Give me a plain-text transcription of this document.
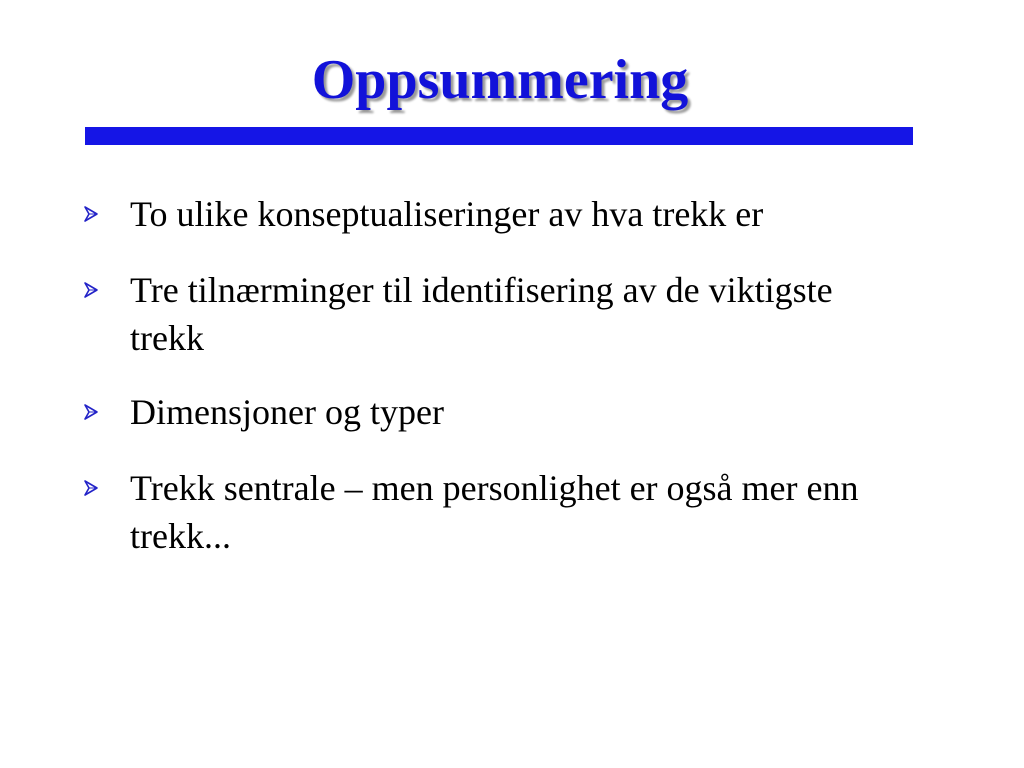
Oppsummering
To ulike konseptualiseringer av hva trekk er
Tre tilnærminger til identifisering av de viktigste trekk
Dimensjoner og typer
Trekk sentrale – men personlighet er også mer enn trekk...
